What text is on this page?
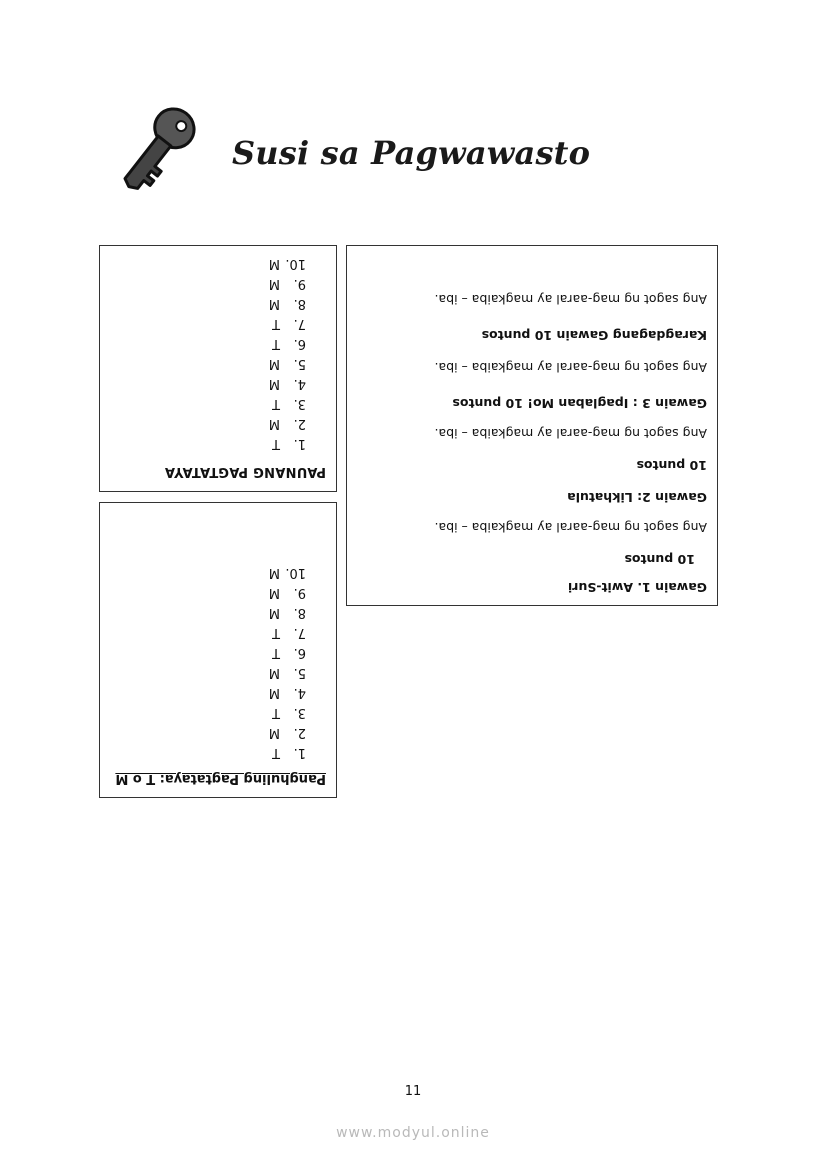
Susi sa Pagwawasto
Gawain 1. Awit-Suri
10 puntos
Ang sagot ng mag-aaral ay magkaiba – iba.
Gawain 2: Likhatula
10 puntos
Ang sagot ng mag-aaral ay magkaiba – iba.
Gawain 3 : Ipaglaban Mo! 10 puntos
Ang sagot ng mag-aaral ay magkaiba – iba.
Karagdagang Gawain 10 puntos
Ang sagot ng mag-aaral ay magkaiba – iba.
PAUNANG PAGTATAYA
1.T
2.M
3.T
4.M
5.M
6.T
7.T
8.M
9.M
10.M
Panghuling Pagtataya: T o M
1.T
2.M
3.T
4.M
5.M
6.T
7.T
8.M
9.M
10.M
11
www.modyul.online
